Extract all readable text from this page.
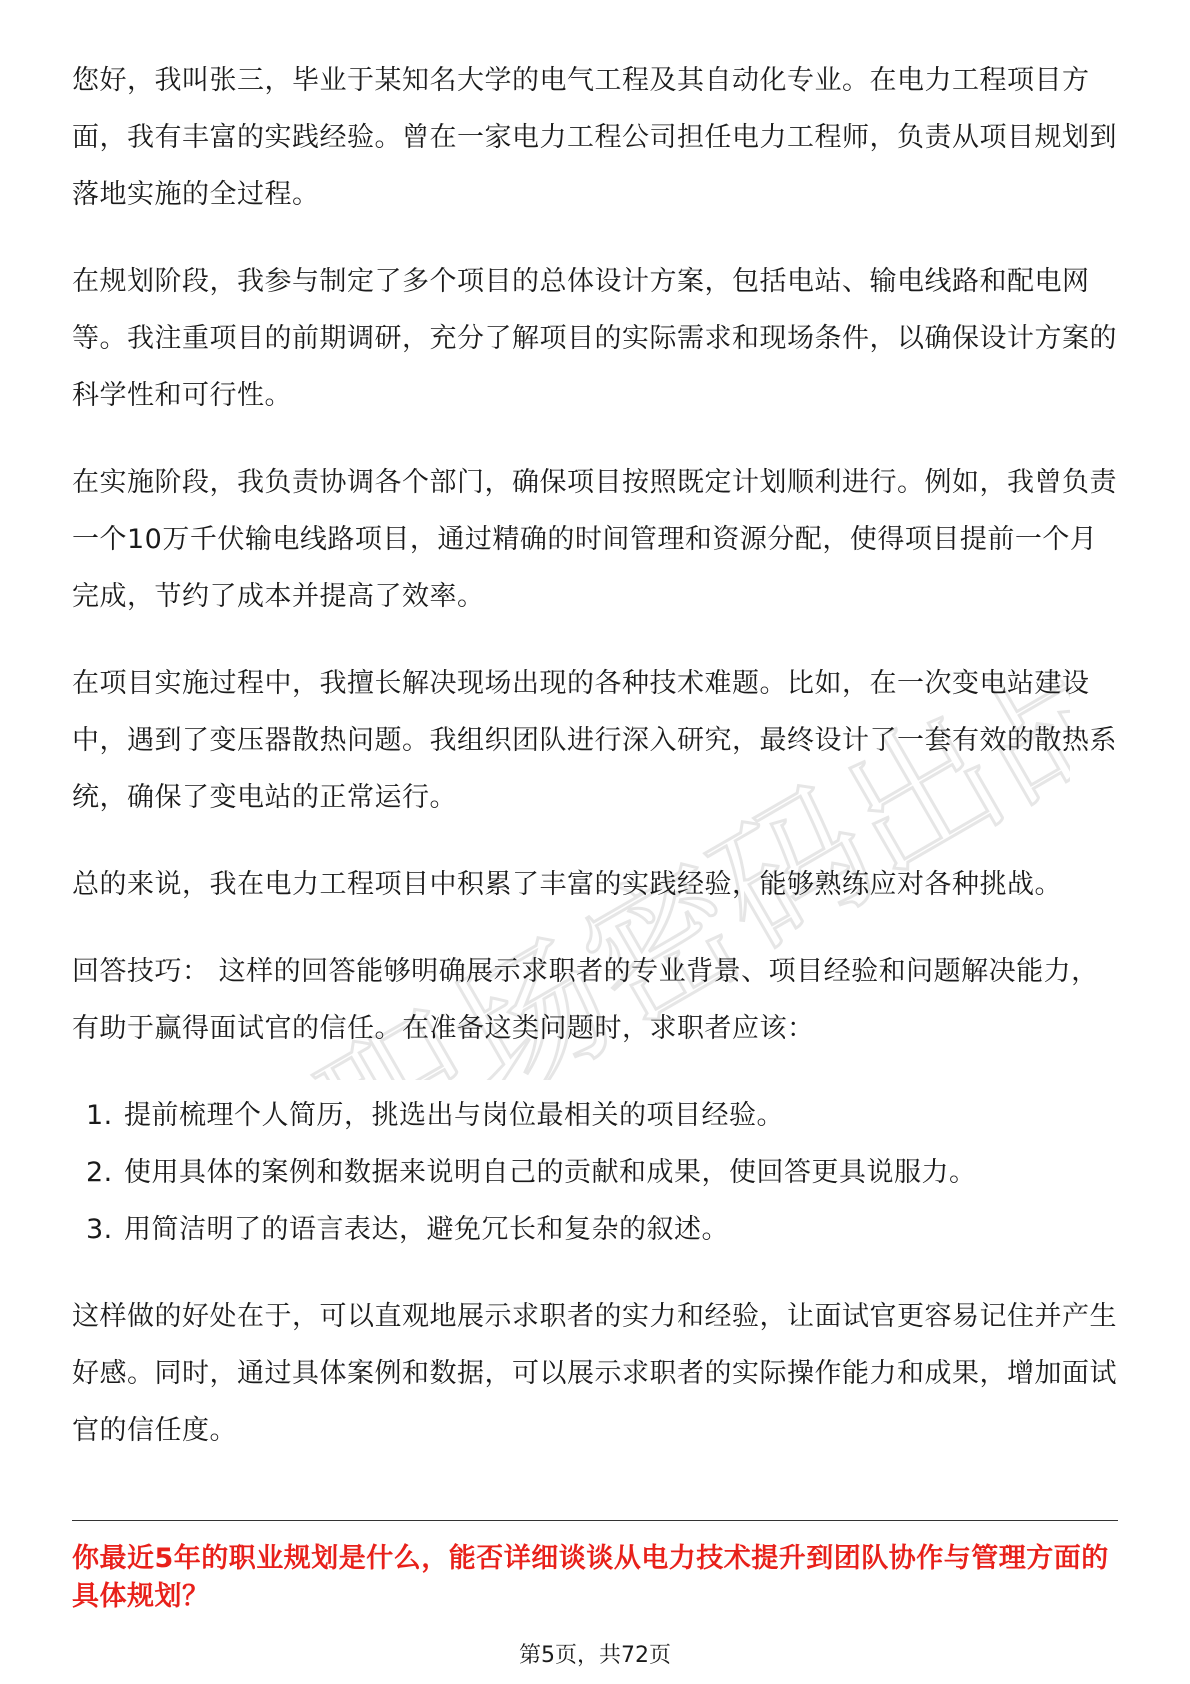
职场密码出品

您好，我叫张三，毕业于某知名大学的电气工程及其自动化专业。在电力工程项目方面，我有丰富的实践经验。曾在一家电力工程公司担任电力工程师，负责从项目规划到落地实施的全过程。

在规划阶段，我参与制定了多个项目的总体设计方案，包括电站、输电线路和配电网等。我注重项目的前期调研，充分了解项目的实际需求和现场条件，以确保设计方案的科学性和可行性。

在实施阶段，我负责协调各个部门，确保项目按照既定计划顺利进行。例如，我曾负责一个10万千伏输电线路项目，通过精确的时间管理和资源分配，使得项目提前一个月完成，节约了成本并提高了效率。

在项目实施过程中，我擅长解决现场出现的各种技术难题。比如，在一次变电站建设中，遇到了变压器散热问题。我组织团队进行深入研究，最终设计了一套有效的散热系统，确保了变电站的正常运行。

总的来说，我在电力工程项目中积累了丰富的实践经验，能够熟练应对各种挑战。

回答技巧： 这样的回答能够明确展示求职者的专业背景、项目经验和问题解决能力，有助于赢得面试官的信任。在准备这类问题时，求职者应该：

1. 提前梳理个人简历，挑选出与岗位最相关的项目经验。
2. 使用具体的案例和数据来说明自己的贡献和成果，使回答更具说服力。
3. 用简洁明了的语言表达，避免冗长和复杂的叙述。

这样做的好处在于，可以直观地展示求职者的实力和经验，让面试官更容易记住并产生好感。同时，通过具体案例和数据，可以展示求职者的实际操作能力和成果，增加面试官的信任度。

你最近5年的职业规划是什么，能否详细谈谈从电力技术提升到团队协作与管理方面的具体规划？
第5页，共72页
